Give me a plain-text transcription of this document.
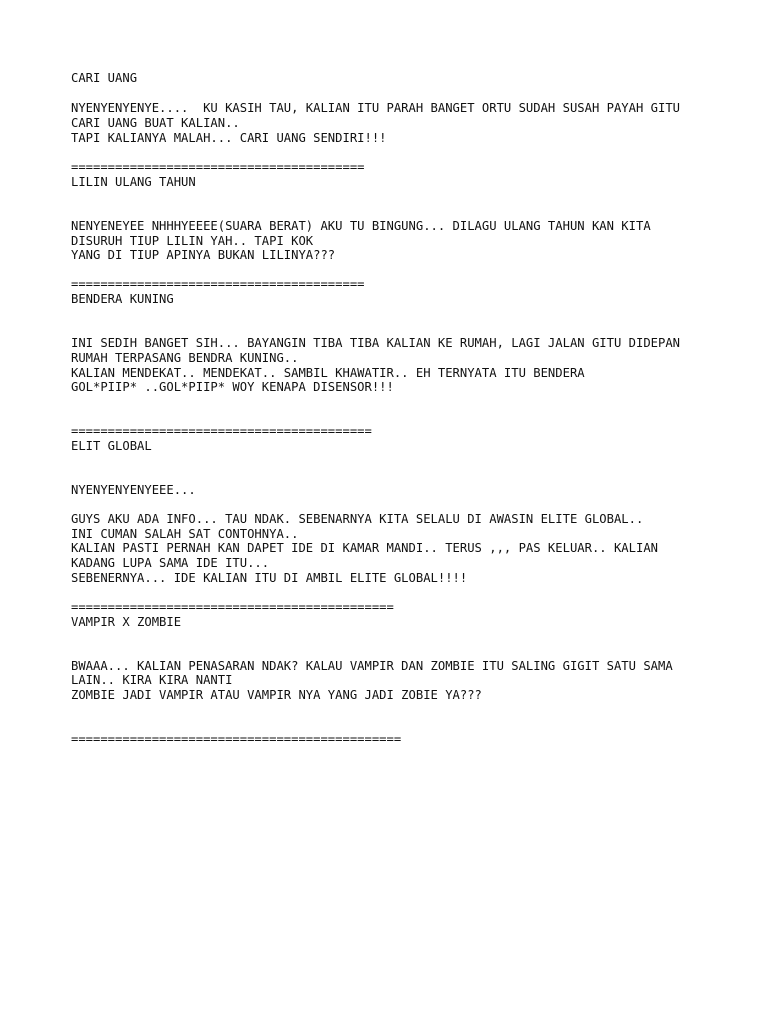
CARI UANG

NYENYENYENYE....  KU KASIH TAU, KALIAN ITU PARAH BANGET ORTU SUDAH SUSAH PAYAH GITU

CARI UANG BUAT KALIAN..

TAPI KALIANYA MALAH... CARI UANG SENDIRI!!!

========================================

LILIN ULANG TAHUN

NENYENEYEE NHHHYEEEE(SUARA BERAT) AKU TU BINGUNG... DILAGU ULANG TAHUN KAN KITA

DISURUH TIUP LILIN YAH.. TAPI KOK

YANG DI TIUP APINYA BUKAN LILINYA???

========================================

BENDERA KUNING

INI SEDIH BANGET SIH... BAYANGIN TIBA TIBA KALIAN KE RUMAH, LAGI JALAN GITU DIDEPAN

RUMAH TERPASANG BENDRA KUNING..

KALIAN MENDEKAT.. MENDEKAT.. SAMBIL KHAWATIR.. EH TERNYATA ITU BENDERA

GOL*PIIP* ..GOL*PIIP* WOY KENAPA DISENSOR!!!

=========================================

ELIT GLOBAL

NYENYENYENYEEE...

GUYS AKU ADA INFO... TAU NDAK. SEBENARNYA KITA SELALU DI AWASIN ELITE GLOBAL..

INI CUMAN SALAH SAT CONTOHNYA..

KALIAN PASTI PERNAH KAN DAPET IDE DI KAMAR MANDI.. TERUS ,,, PAS KELUAR.. KALIAN

KADANG LUPA SAMA IDE ITU...

SEBENERNYA... IDE KALIAN ITU DI AMBIL ELITE GLOBAL!!!!

============================================

VAMPIR X ZOMBIE

BWAAA... KALIAN PENASARAN NDAK? KALAU VAMPIR DAN ZOMBIE ITU SALING GIGIT SATU SAMA

LAIN.. KIRA KIRA NANTI

ZOMBIE JADI VAMPIR ATAU VAMPIR NYA YANG JADI ZOBIE YA???

=============================================
